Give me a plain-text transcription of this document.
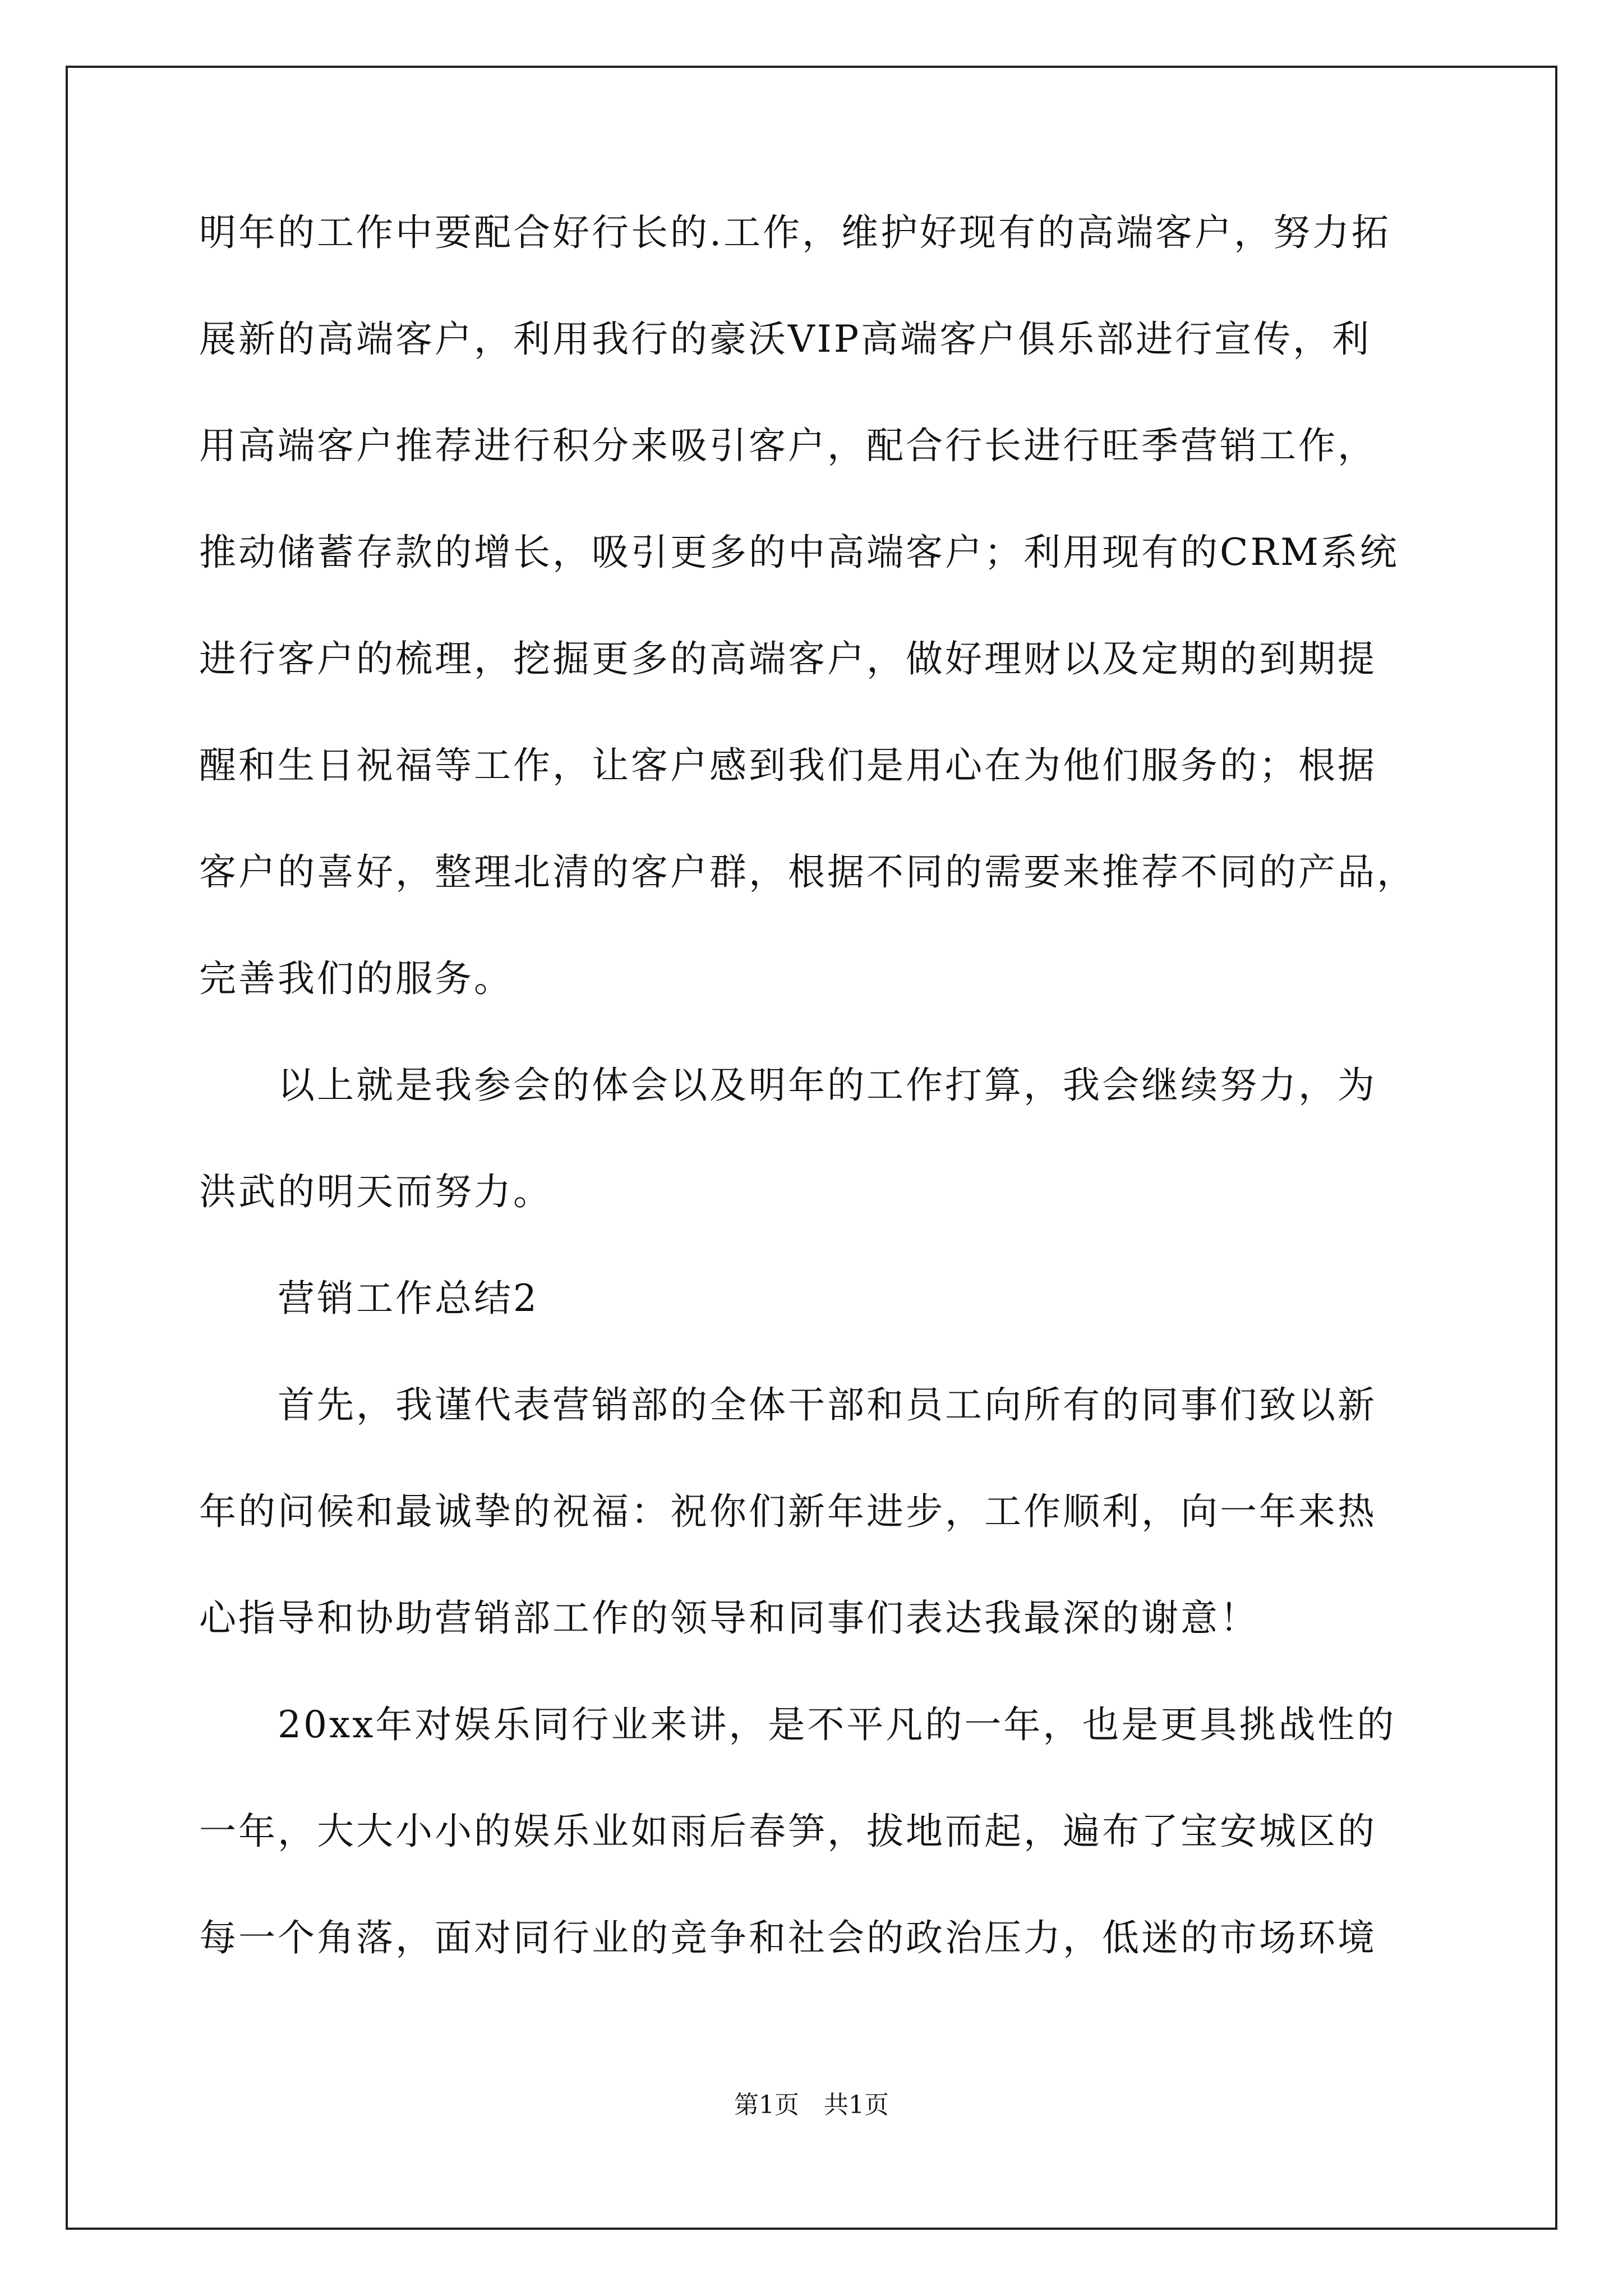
明年的工作中要配合好行长的.工作，维护好现有的高端客户，努力拓
展新的高端客户，利用我行的豪沃VIP高端客户俱乐部进行宣传，利
用高端客户推荐进行积分来吸引客户，配合行长进行旺季营销工作，
推动储蓄存款的增长，吸引更多的中高端客户；利用现有的CRM系统
进行客户的梳理，挖掘更多的高端客户，做好理财以及定期的到期提
醒和生日祝福等工作，让客户感到我们是用心在为他们服务的；根据
客户的喜好，整理北清的客户群，根据不同的需要来推荐不同的产品，
完善我们的服务。
　　以上就是我参会的体会以及明年的工作打算，我会继续努力，为
洪武的明天而努力。
　　营销工作总结2
　　首先，我谨代表营销部的全体干部和员工向所有的同事们致以新
年的问候和最诚挚的祝福：祝你们新年进步，工作顺利，向一年来热
心指导和协助营销部工作的领导和同事们表达我最深的谢意！
　　20xx年对娱乐同行业来讲，是不平凡的一年，也是更具挑战性的
一年，大大小小的娱乐业如雨后春笋，拔地而起，遍布了宝安城区的
每一个角落，面对同行业的竞争和社会的政治压力，低迷的市场环境
第1页　共1页
